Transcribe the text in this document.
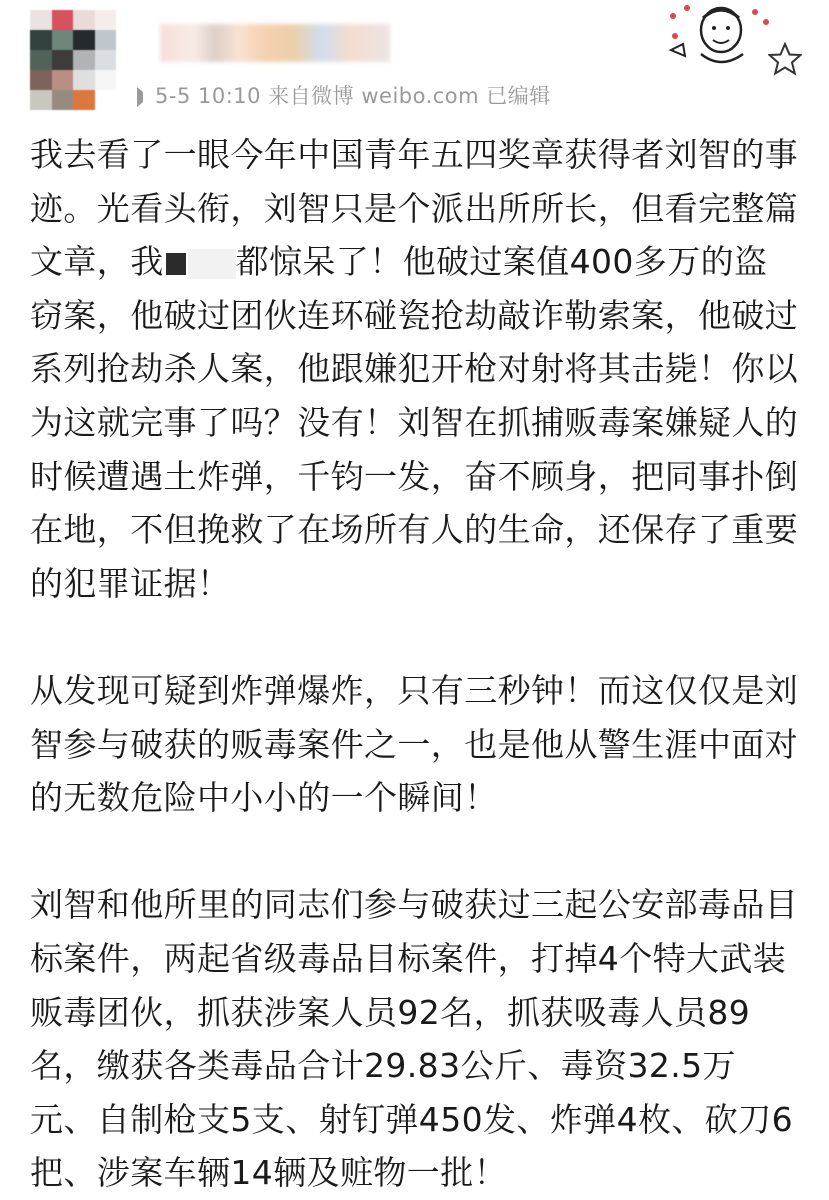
5-5 10:10 来自微博 weibo.com 已编辑

我去看了一眼今年中国青年五四奖章获得者刘智的事迹。光看头衔，刘智只是个派出所所长，但看完整篇文章，我 都惊呆了！他破过案值400多万的盗窃案，他破过团伙连环碰瓷抢劫敲诈勒索案，他破过系列抢劫杀人案，他跟嫌犯开枪对射将其击毙！你以为这就完事了吗？没有！刘智在抓捕贩毒案嫌疑人的时候遭遇土炸弹，千钧一发，奋不顾身，把同事扑倒在地，不但挽救了在场所有人的生命，还保存了重要的犯罪证据！

从发现可疑到炸弹爆炸，只有三秒钟！而这仅仅是刘智参与破获的贩毒案件之一，也是他从警生涯中面对的无数危险中小小的一个瞬间！

刘智和他所里的同志们参与破获过三起公安部毒品目标案件，两起省级毒品目标案件，打掉4个特大武装贩毒团伙，抓获涉案人员92名，抓获吸毒人员89名，缴获各类毒品合计29.83公斤、毒资32.5万元、自制枪支5支、射钉弹450发、炸弹4枚、砍刀6把、涉案车辆14辆及赃物一批！
